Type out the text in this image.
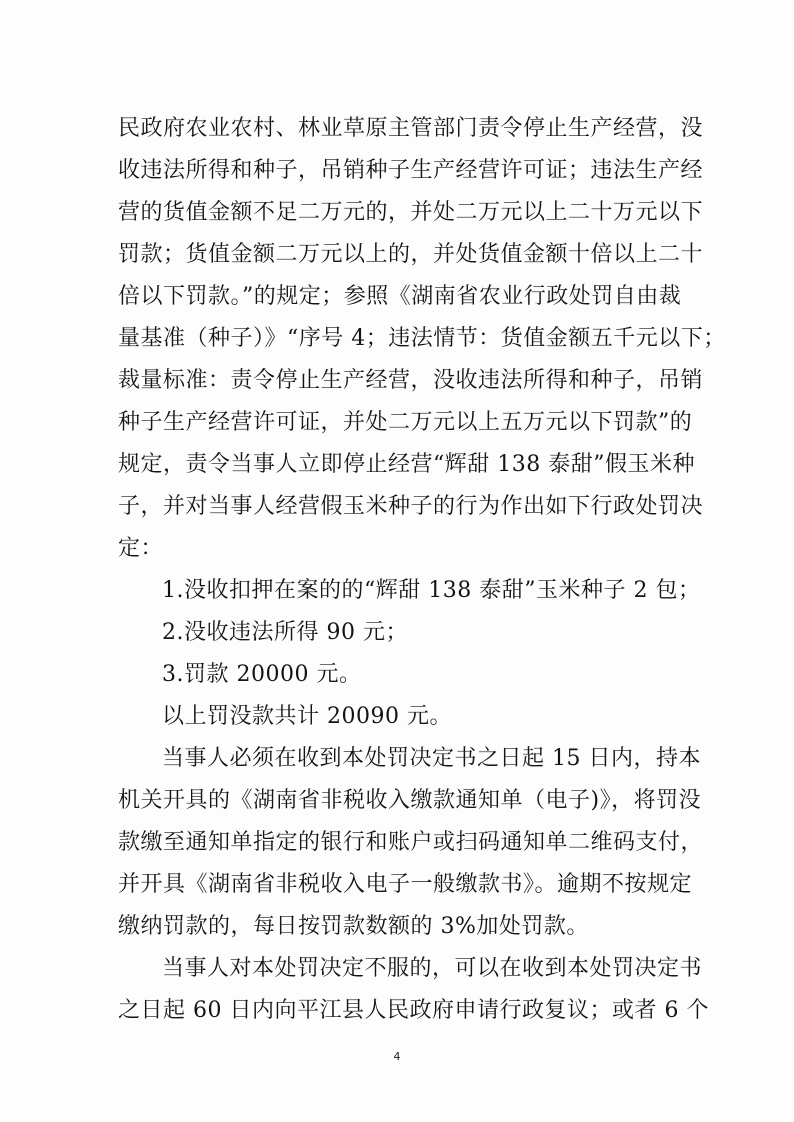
民政府农业农村、林业草原主管部门责令停止生产经营，没
收违法所得和种子，吊销种子生产经营许可证；违法生产经
营的货值金额不足二万元的，并处二万元以上二十万元以下
罚款；货值金额二万元以上的，并处货值金额十倍以上二十
倍以下罚款。”的规定；参照《湖南省农业行政处罚自由裁
量基准（种子）》“序号 4；违法情节：货值金额五千元以下；
裁量标准：责令停止生产经营，没收违法所得和种子，吊销
种子生产经营许可证，并处二万元以上五万元以下罚款”的
规定，责令当事人立即停止经营“辉甜 138 泰甜”假玉米种
子，并对当事人经营假玉米种子的行为作出如下行政处罚决
定：
1.没收扣押在案的的“辉甜 138 泰甜”玉米种子 2 包；
2.没收违法所得 90 元；
3.罚款 20000 元。
以上罚没款共计 20090 元。
当事人必须在收到本处罚决定书之日起 15 日内，持本
机关开具的《湖南省非税收入缴款通知单（电子)》，将罚没
款缴至通知单指定的银行和账户或扫码通知单二维码支付，
并开具《湖南省非税收入电子一般缴款书》。逾期不按规定
缴纳罚款的，每日按罚款数额的 3%加处罚款。
当事人对本处罚决定不服的，可以在收到本处罚决定书
之日起 60 日内向平江县人民政府申请行政复议；或者 6 个
4
